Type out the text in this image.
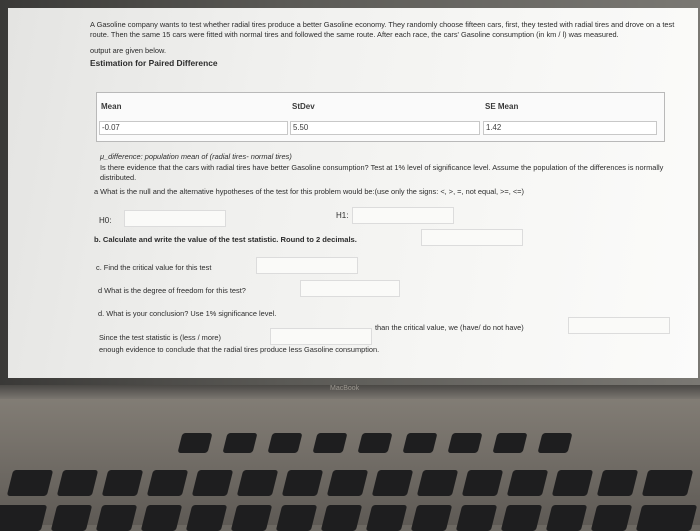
A Gasoline company wants to test whether radial tires produce a better Gasoline economy. They randomly choose fifteen cars, first, they tested with radial tires and drove on a test route. Then the same 15 cars were fitted with normal tires and followed the same route. After each race, the cars' Gasoline consumption (in km / l) was measured.

output are given below.
Estimation for Paired Difference
Mean	StDev	SE Mean
-0.07	5.50	1.42
μ_difference: population mean of (radial tires- normal tires)
Is there evidence that the cars with radial tires have better Gasoline consumption? Test at 1% level of significance level. Assume the population of the differences is normally distributed.
a What is the null and the alternative hypotheses of the test for this problem would be:(use only the signs: <, >, =, not equal, >=, <=)
H0:
H1:
b. Calculate and write the value of the test statistic. Round to 2 decimals.
c. Find the critical value for this test
d What is the degree of freedom for this test?
d. What is your conclusion? Use 1% significance level.
Since the test statistic is (less / more)
than the critical value, we (have/ do not have)
enough evidence to conclude that the radial tires produce less Gasoline consumption.
MacBook
